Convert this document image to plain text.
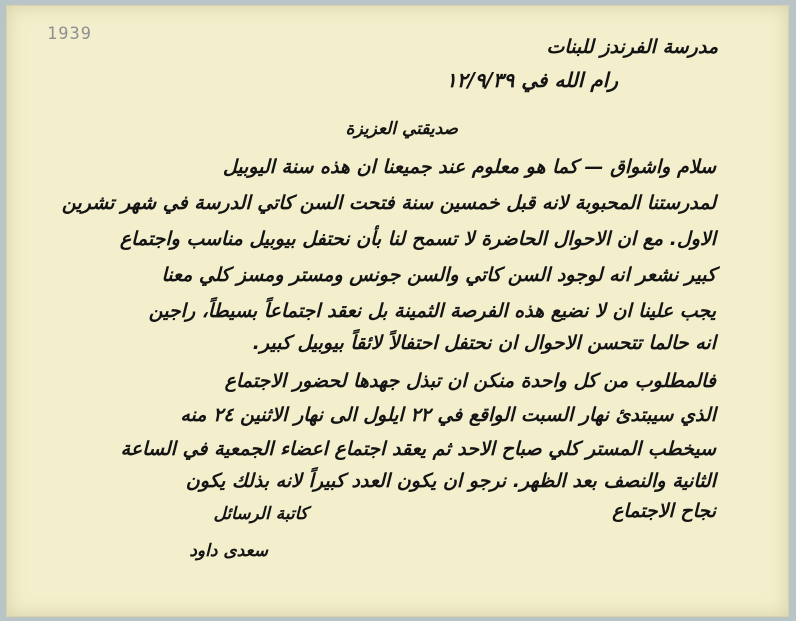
1939
مدرسة الفرندز للبنات
رام الله في ١٢/٩/٣٩
صديقتي العزيزة
سلام واشواق — كما هو معلوم عند جميعنا ان هذه سنة اليوبيل
لمدرستنا المحبوبة لانه قبل خمسين سنة فتحت السن كاتي الدرسة في شهر تشرين
الاول. مع ان الاحوال الحاضرة لا تسمح لنا بأن نحتفل بيوبيل مناسب واجتماع
كبير نشعر انه لوجود السن كاتي والسن جونس ومستر ومسز كلي معنا
يجب علينا ان لا نضيع هذه الفرصة الثمينة بل نعقد اجتماعاً بسيطاً، راجين
انه حالما تتحسن الاحوال ان نحتفل احتفالاً لائقاً بيوبيل كبير.
فالمطلوب من كل واحدة منكن ان تبذل جهدها لحضور الاجتماع
الذي سيبتدئ نهار السبت الواقع في ٢٢ ايلول الى نهار الاثنين ٢٤ منه
سيخطب المستر كلي صباح الاحد ثم يعقد اجتماع اعضاء الجمعية في الساعة
الثانية والنصف بعد الظهر. نرجو ان يكون العدد كبيراً لانه بذلك يكون
نجاح الاجتماع
كاتبة الرسائل
سعدى داود
